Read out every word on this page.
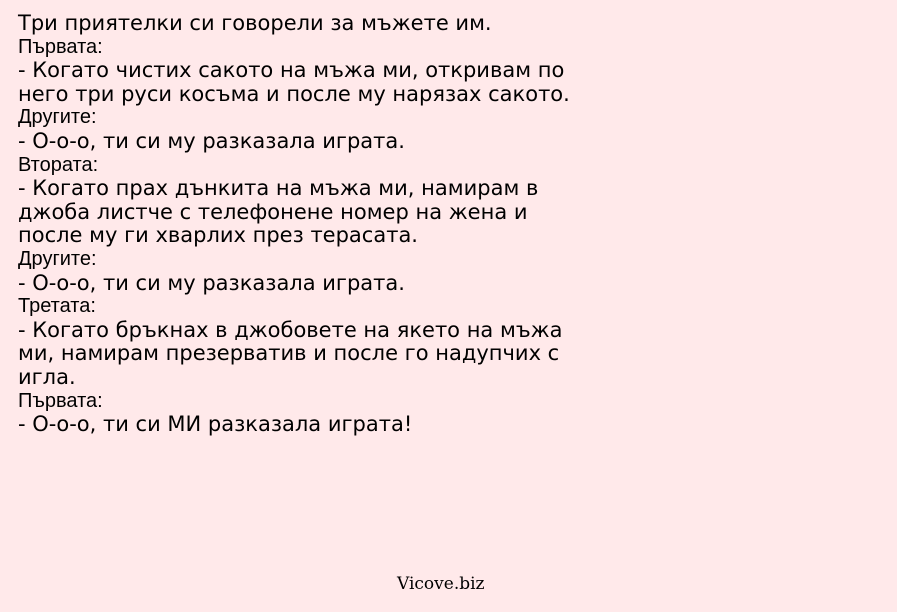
Три приятелки си говорели за мъжете им.
Първата:
- Когато чистих сакото на мъжа ми, откривам по
него три руси косъма и после му нарязах сакото.
Другите:
- О-о-о, ти си му разказала играта.
Втората:
- Когато прах дънкита на мъжа ми, намирам в
джоба листче с телефонене номер на жена и
после му ги хварлих през терасата.
Другите:
- О-о-о, ти си му разказала играта.
Третата:
- Когато бръкнах в джобовете на якето на мъжа
ми, намирам презерватив и после го надупчих с
игла.
Първата:
- О-о-о, ти си МИ разказала играта!
Vicove.biz
